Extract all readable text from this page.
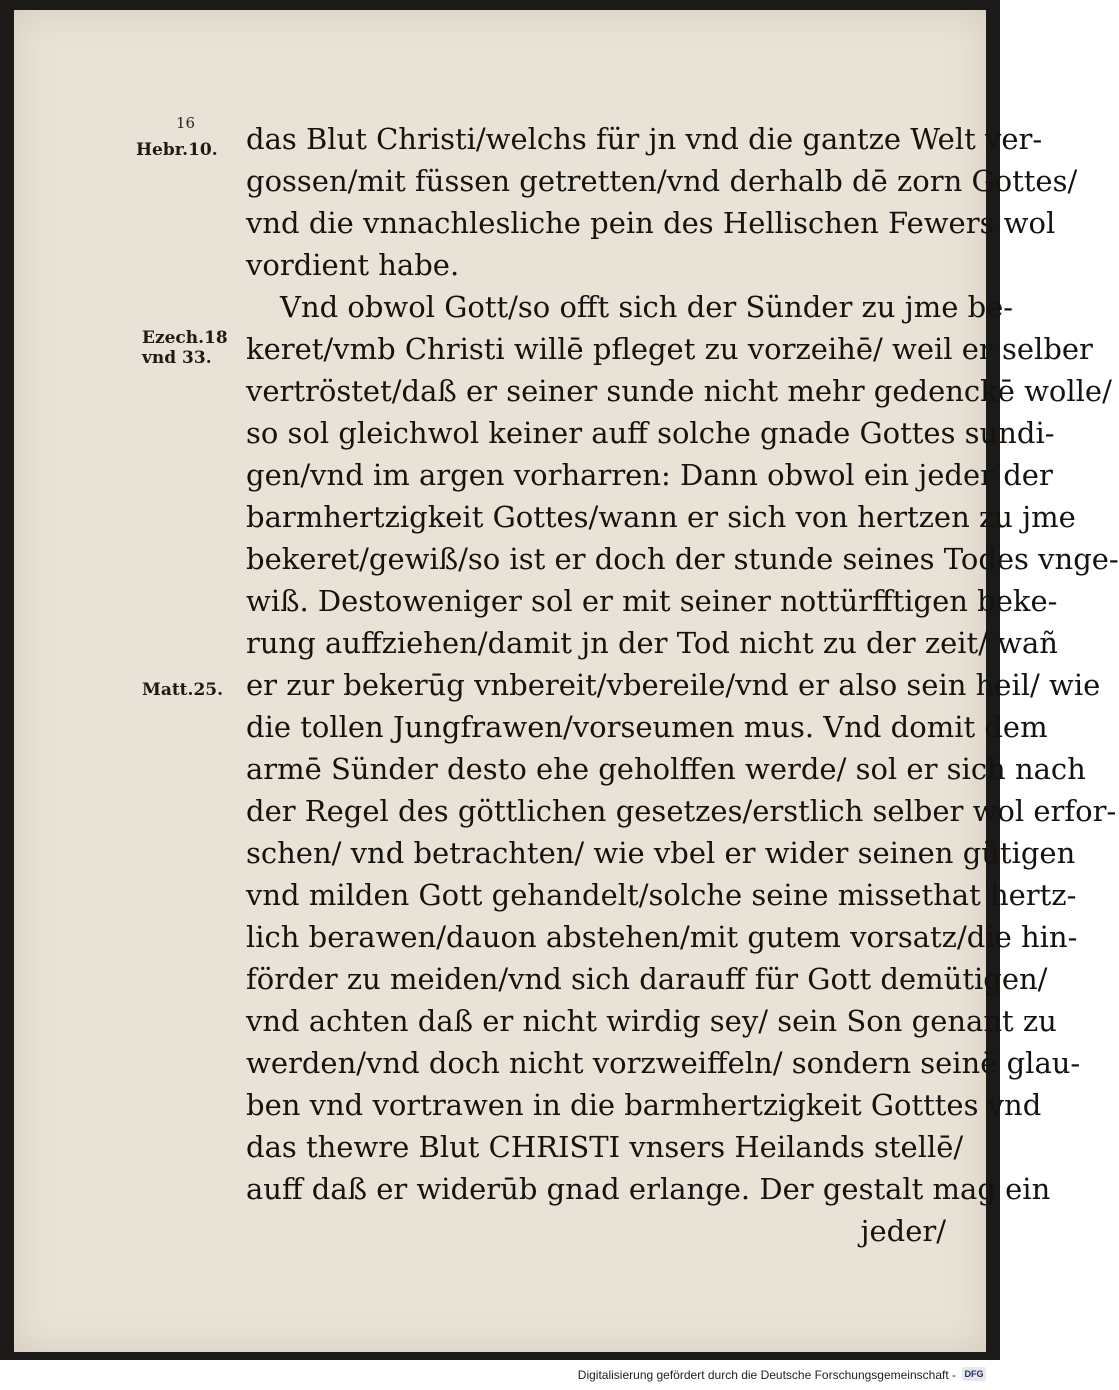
16
Hebr.10.
Ezech.18
vnd 33.
Matt.25.
das Blut Christi/welchs für jn vnd die gantze Welt ver-
gossen/mit füssen getretten/vnd derhalb dē zorn Gottes/
vnd die vnnachlesliche pein des Hellischen Fewers wol
vordient habe.
Vnd obwol Gott/so offt sich der Sünder zu jme be-
keret/vmb Christi willē pfleget zu vorzeihē/ weil er selber
vertröstet/daß er seiner sunde nicht mehr gedenckē wolle/
so sol gleichwol keiner auff solche gnade Gottes sundi-
gen/vnd im argen vorharren: Dann obwol ein jeder der
barmhertzigkeit Gottes/wann er sich von hertzen zu jme
bekeret/gewiß/so ist er doch der stunde seines Todes vnge-
wiß. Destoweniger sol er mit seiner nottürfftigen beke-
rung auffziehen/damit jn der Tod nicht zu der zeit/ wañ
er zur bekerūg vnbereit/vbereile/vnd er also sein heil/ wie
die tollen Jungfrawen/vorseumen mus. Vnd domit dem
armē Sünder desto ehe geholffen werde/ sol er sich nach
der Regel des göttlichen gesetzes/erstlich selber wol erfor-
schen/ vnd betrachten/ wie vbel er wider seinen gütigen
vnd milden Gott gehandelt/solche seine missethat hertz-
lich berawen/dauon abstehen/mit gutem vorsatz/die hin-
förder zu meiden/vnd sich darauff für Gott demütigen/
vnd achten daß er nicht wirdig sey/ sein Son genant zu
werden/vnd doch nicht vorzweiffeln/ sondern seinē glau-
ben vnd vortrawen in die barmhertzigkeit Gotttes vnd
das thewre Blut CHRISTI vnsers Heilands stellē/
auff daß er widerūb gnad erlange. Der gestalt mag ein
jeder/
Digitalisierung gefördert durch die Deutsche Forschungsgemeinschaft - DFG
